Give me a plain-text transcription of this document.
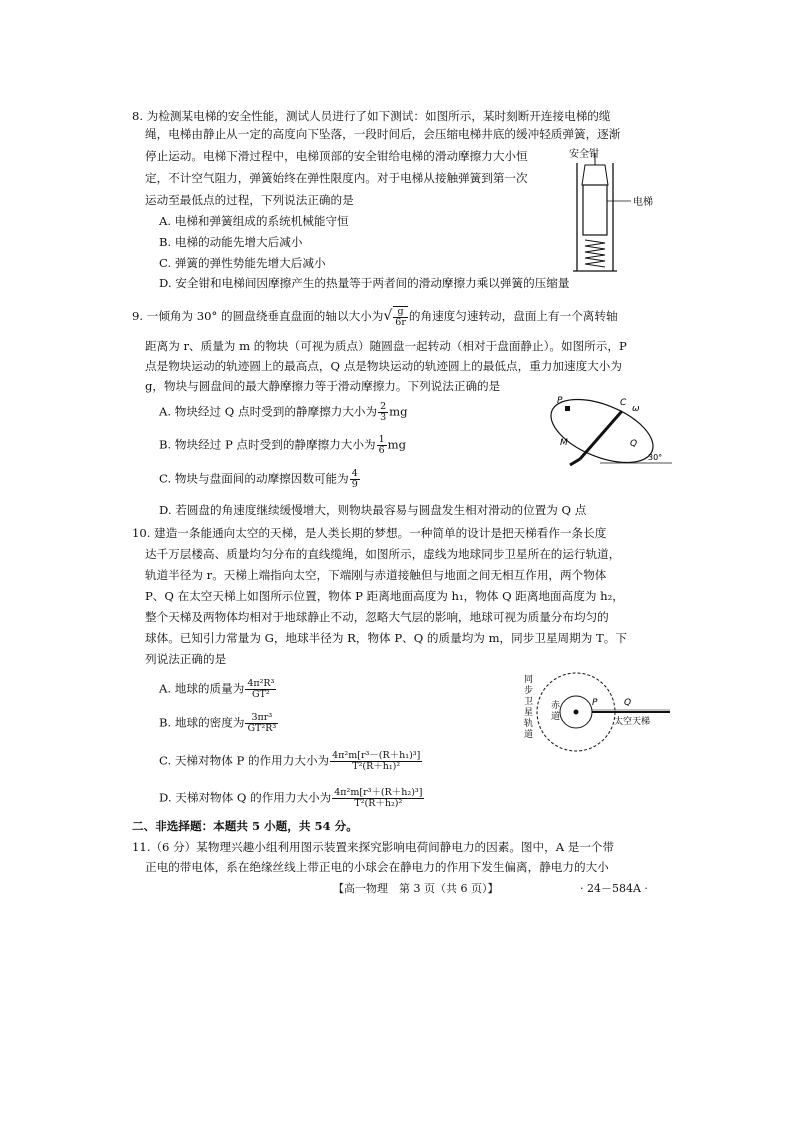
8. 为检测某电梯的安全性能，测试人员进行了如下测试：如图所示，某时刻断开连接电梯的缆
绳，电梯由静止从一定的高度向下坠落，一段时间后，会压缩电梯井底的缓冲轻质弹簧，逐渐
停止运动。电梯下滑过程中，电梯顶部的安全钳给电梯的滑动摩擦力大小恒
定，不计空气阻力，弹簧始终在弹性限度内。对于电梯从接触弹簧到第一次
运动至最低点的过程，下列说法正确的是
A. 电梯和弹簧组成的系统机械能守恒
B. 电梯的动能先增大后减小
C. 弹簧的弹性势能先增大后减小
D. 安全钳和电梯间因摩擦产生的热量等于两者间的滑动摩擦力乘以弹簧的压缩量
安全钳
电梯
9. 一倾角为 30° 的圆盘绕垂直盘面的轴以大小为√ $\frac{g}{6r}$ 的角速度匀速转动，盘面上有一个离转轴
距离为 r、质量为 m 的物块（可视为质点）随圆盘一起转动（相对于盘面静止）。如图所示，P
点是物块运动的轨迹圆上的最高点，Q 点是物块运动的轨迹圆上的最低点，重力加速度大小为
g，物块与圆盘间的最大静摩擦力等于滑动摩擦力。下列说法正确的是
A. 物块经过 Q 点时受到的静摩擦力大小为 $\frac{2}{3}$ mg
B. 物块经过 P 点时受到的静摩擦力大小为 $\frac{1}{6}$ mg
C. 物块与盘面间的动摩擦因数可能为 $\frac{4}{9}$
D. 若圆盘的角速度继续缓慢增大，则物块最容易与圆盘发生相对滑动的位置为 Q 点
P	C
ω
M	Q
30°
10. 建造一条能通向太空的天梯，是人类长期的梦想。一种简单的设计是把天梯看作一条长度
达千万层楼高、质量均匀分布的直线缆绳，如图所示，虚线为地球同步卫星所在的运行轨道，
轨道半径为 r。天梯上端指向太空，下端刚与赤道接触但与地面之间无相互作用，两个物体
P、Q 在太空天梯上如图所示位置，物体 P 距离地面高度为 h₁，物体 Q 距离地面高度为 h₂，
整个天梯及两物体均相对于地球静止不动，忽略大气层的影响，地球可视为质量分布均匀的
球体。已知引力常量为 G，地球半径为 R，物体 P、Q 的质量均为 m，同步卫星周期为 T。下
列说法正确的是
A. 地球的质量为 $\frac{\text{4π²R³}}{\text{GT²}}$
B. 地球的密度为 $\frac{\text{3πr³}}{\text{GT²R³}}$
C. 天梯对物体 P 的作用力大小为 $\frac{\text{4π²m[r³－(R＋h₁)³]}}{\text{T²(R＋h₁)²}}$
D. 天梯对物体 Q 的作用力大小为 $\frac{\text{4π²m[r³＋(R＋h₂)³]}}{\text{T²(R＋h₂)²}}$
同 步 卫 星 轨 道
赤 道
P	Q
太空天梯
二、非选择题：本题共 5 小题，共 54 分。
11.（6 分）某物理兴趣小组利用图示装置来探究影响电荷间静电力的因素。图中，A 是一个带
正电的带电体，系在绝缘丝线上带正电的小球会在静电力的作用下发生偏离，静电力的大小
【高一物理　第 3 页（共 6 页）】	· 24－584A ·
